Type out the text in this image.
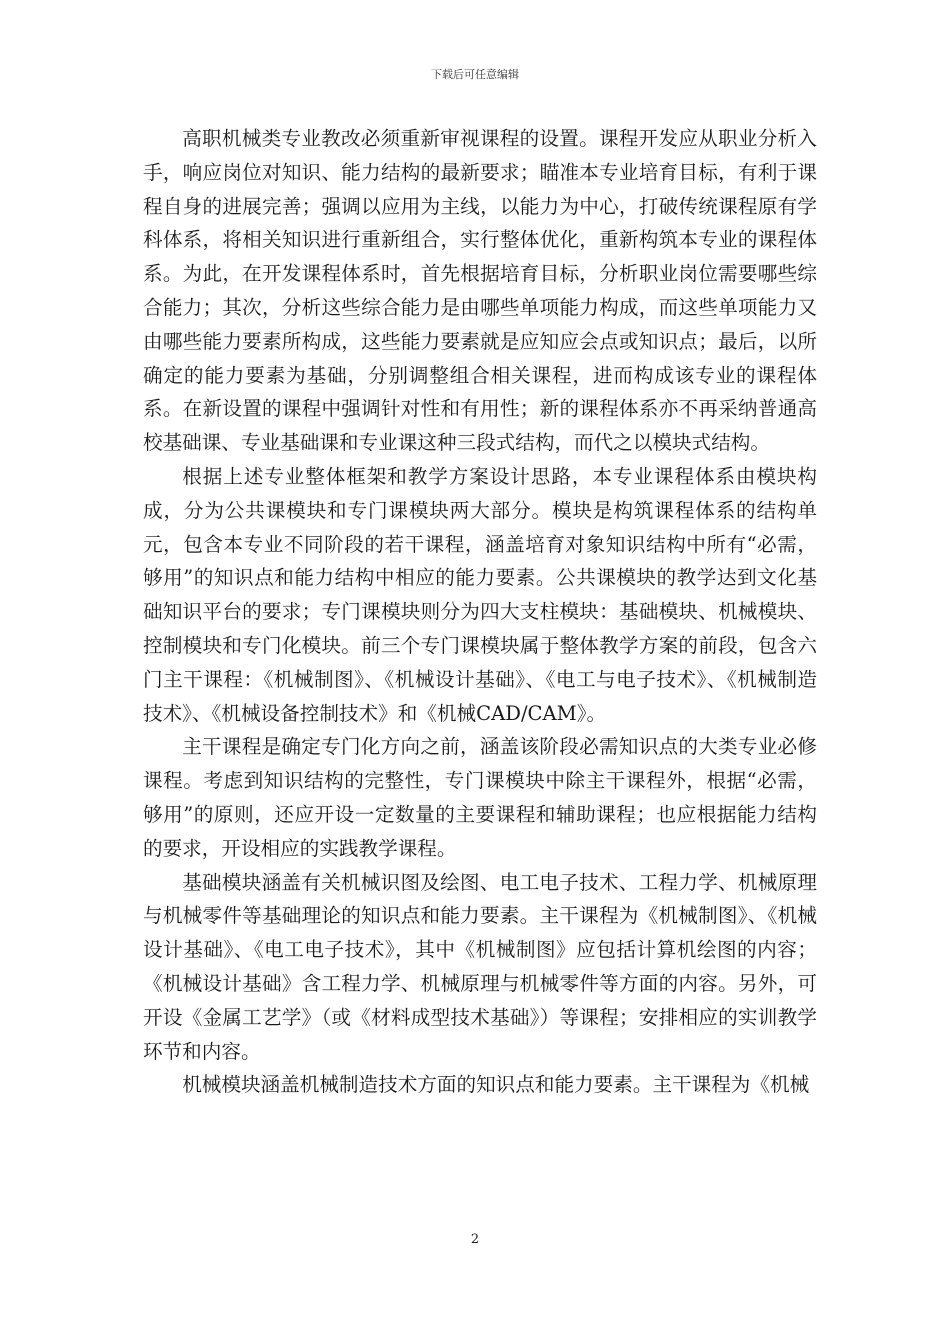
下载后可任意编辑

高职机械类专业教改必须重新审视课程的设置。课程开发应从职业分析入手，响应岗位对知识、能力结构的最新要求；瞄准本专业培育目标，有利于课程自身的进展完善；强调以应用为主线，以能力为中心，打破传统课程原有学科体系，将相关知识进行重新组合，实行整体优化，重新构筑本专业的课程体系。为此，在开发课程体系时，首先根据培育目标，分析职业岗位需要哪些综合能力；其次，分析这些综合能力是由哪些单项能力构成，而这些单项能力又由哪些能力要素所构成，这些能力要素就是应知应会点或知识点；最后，以所确定的能力要素为基础，分别调整组合相关课程，进而构成该专业的课程体系。在新设置的课程中强调针对性和有用性；新的课程体系亦不再采纳普通高校基础课、专业基础课和专业课这种三段式结构，而代之以模块式结构。

根据上述专业整体框架和教学方案设计思路，本专业课程体系由模块构成，分为公共课模块和专门课模块两大部分。模块是构筑课程体系的结构单元，包含本专业不同阶段的若干课程，涵盖培育对象知识结构中所有“必需，够用”的知识点和能力结构中相应的能力要素。公共课模块的教学达到文化基础知识平台的要求；专门课模块则分为四大支柱模块：基础模块、机械模块、控制模块和专门化模块。前三个专门课模块属于整体教学方案的前段，包含六门主干课程：《机械制图》、《机械设计基础》、《电工与电子技术》、《机械制造技术》、《机械设备控制技术》和《机械CAD/CAM》。

主干课程是确定专门化方向之前，涵盖该阶段必需知识点的大类专业必修课程。考虑到知识结构的完整性，专门课模块中除主干课程外，根据“必需，够用”的原则，还应开设一定数量的主要课程和辅助课程；也应根据能力结构的要求，开设相应的实践教学课程。

基础模块涵盖有关机械识图及绘图、电工电子技术、工程力学、机械原理与机械零件等基础理论的知识点和能力要素。主干课程为《机械制图》、《机械设计基础》、《电工电子技术》，其中《机械制图》应包括计算机绘图的内容；《机械设计基础》含工程力学、机械原理与机械零件等方面的内容。另外，可开设《金属工艺学》（或《材料成型技术基础》）等课程；安排相应的实训教学环节和内容。

机械模块涵盖机械制造技术方面的知识点和能力要素。主干课程为《机械

2
